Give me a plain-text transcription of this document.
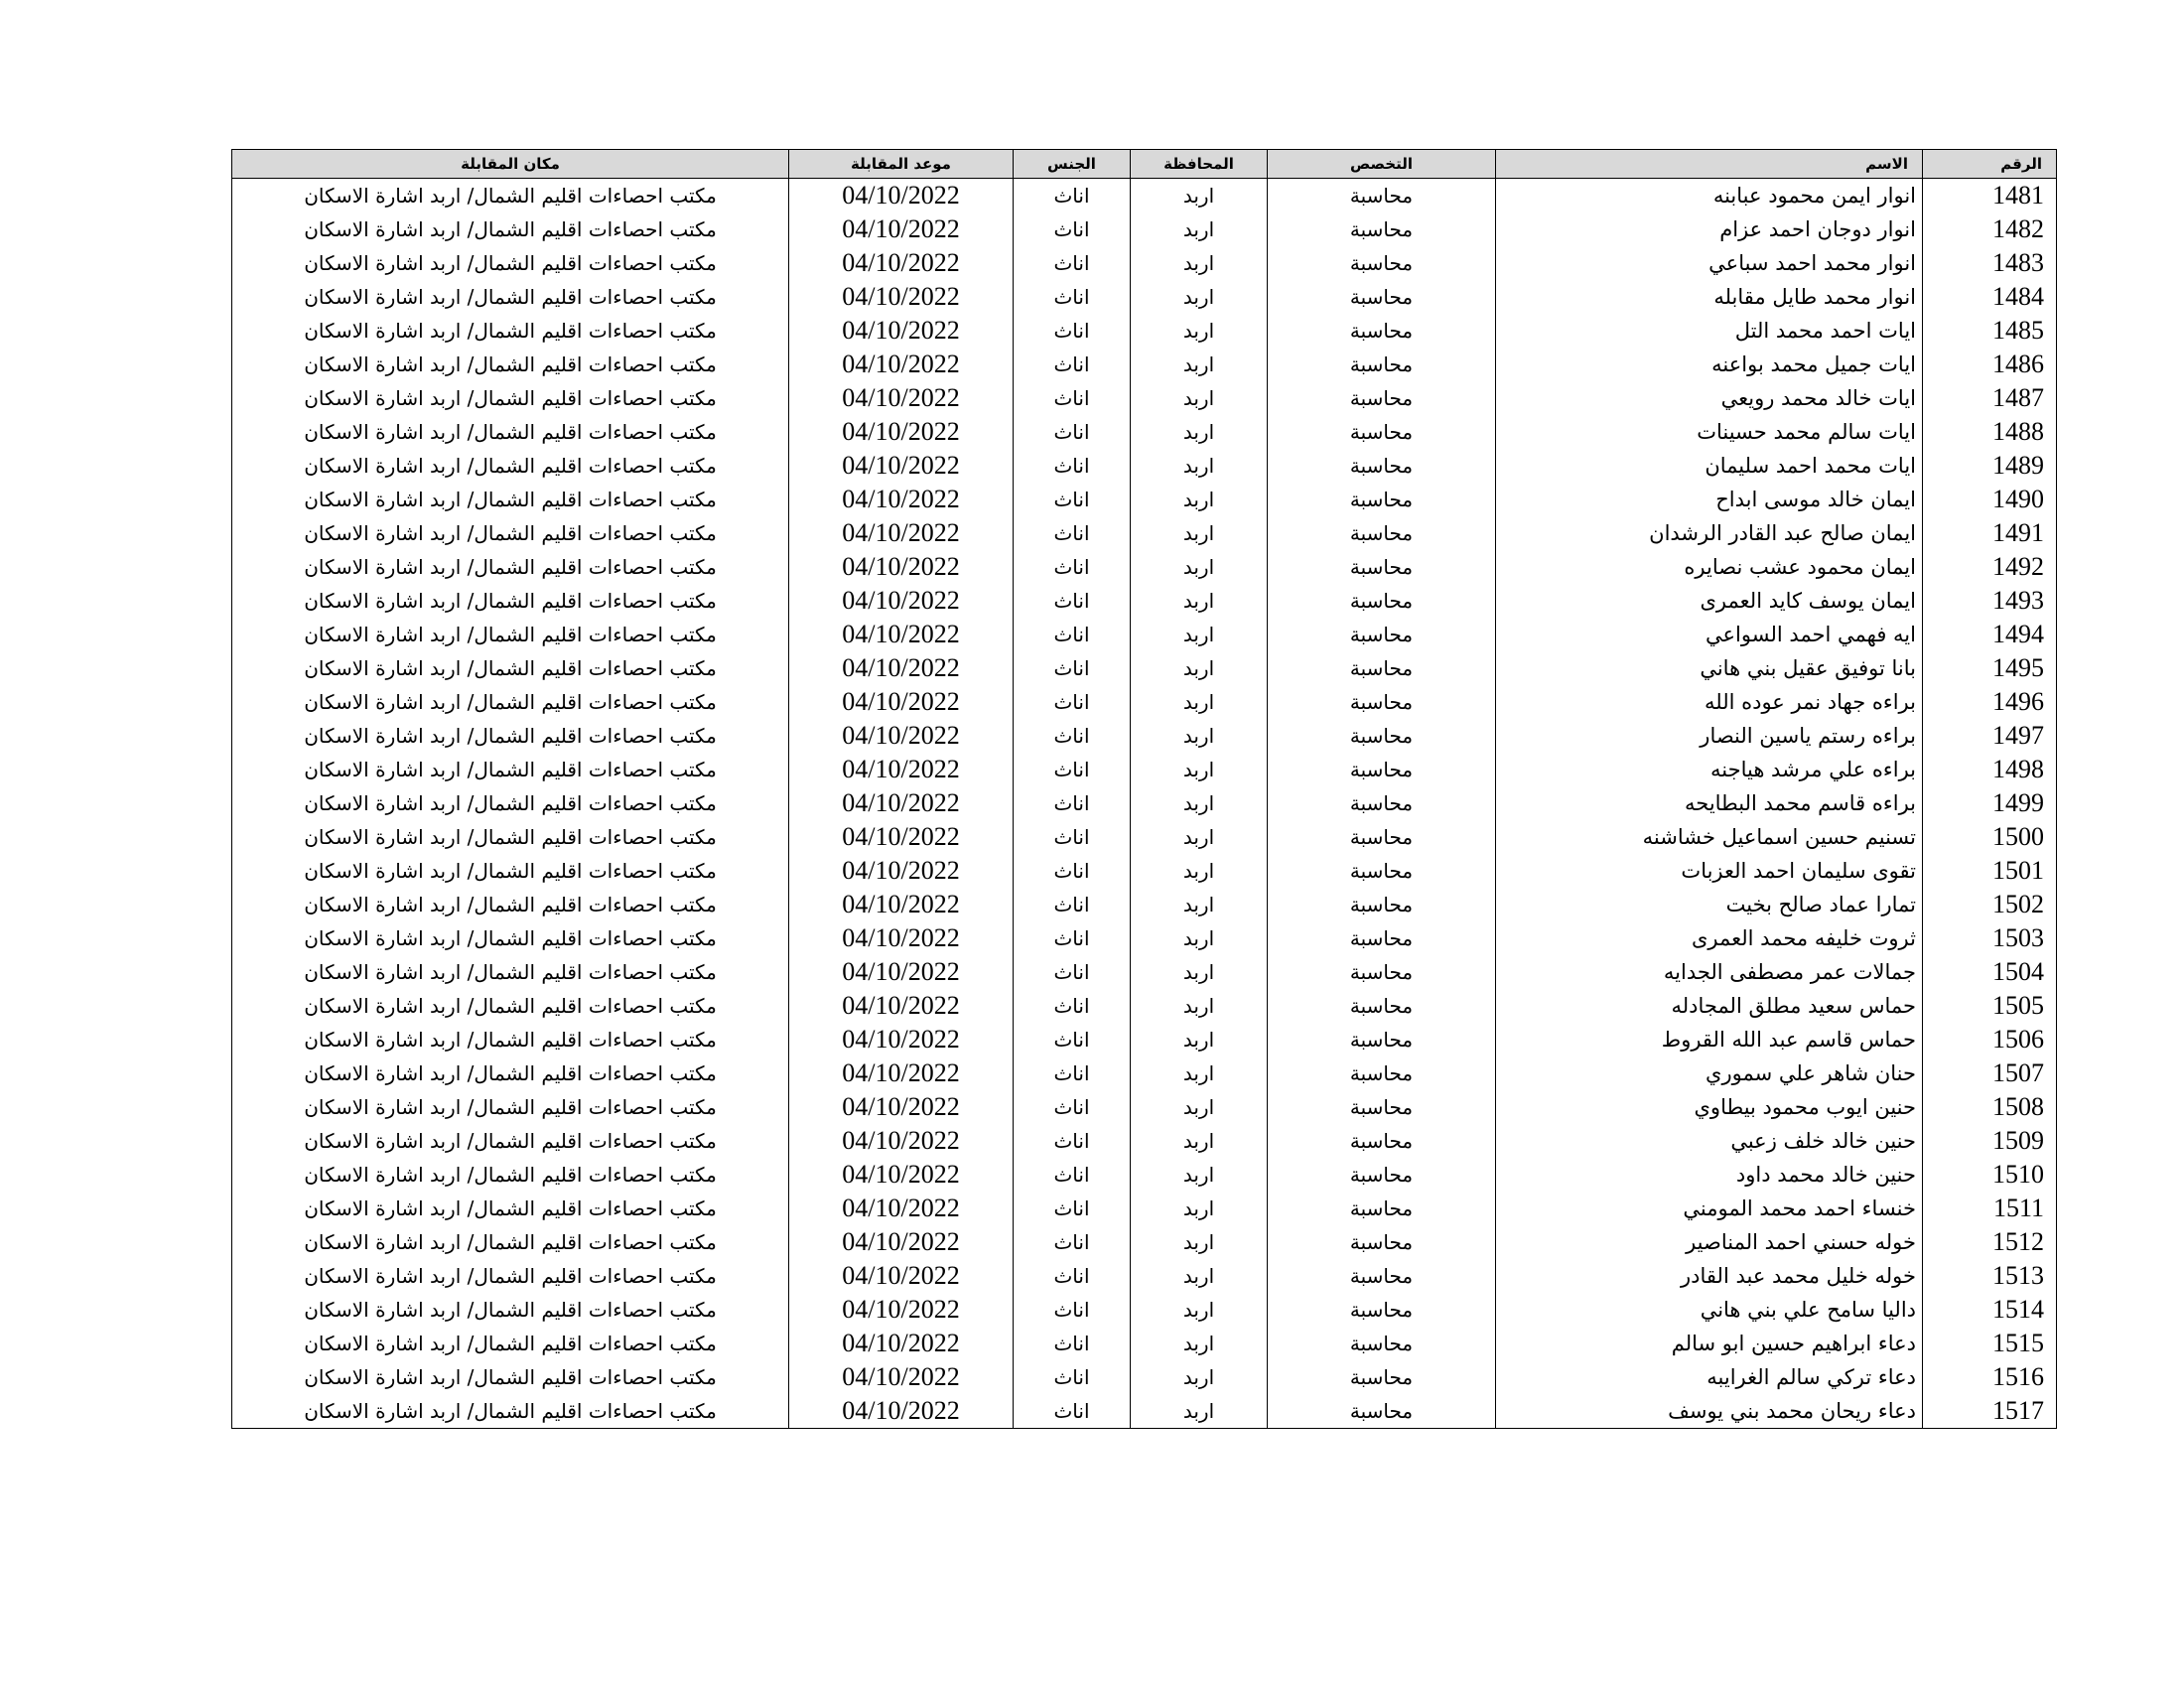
الرقم	الاسم	التخصص	المحافظة	الجنس	موعد المقابلة	مكان المقابلة
1481	انوار ايمن محمود عبابنه	محاسبة	اربد	اناث	04/10/2022	مكتب احصاءات اقليم الشمال/ اربد اشارة الاسكان
1482	انوار دوجان احمد عزام	محاسبة	اربد	اناث	04/10/2022	مكتب احصاءات اقليم الشمال/ اربد اشارة الاسكان
1483	انوار محمد احمد سباعي	محاسبة	اربد	اناث	04/10/2022	مكتب احصاءات اقليم الشمال/ اربد اشارة الاسكان
1484	انوار محمد طايل مقابله	محاسبة	اربد	اناث	04/10/2022	مكتب احصاءات اقليم الشمال/ اربد اشارة الاسكان
1485	ايات احمد محمد التل	محاسبة	اربد	اناث	04/10/2022	مكتب احصاءات اقليم الشمال/ اربد اشارة الاسكان
1486	ايات جميل محمد بواعنه	محاسبة	اربد	اناث	04/10/2022	مكتب احصاءات اقليم الشمال/ اربد اشارة الاسكان
1487	ايات خالد محمد رويعي	محاسبة	اربد	اناث	04/10/2022	مكتب احصاءات اقليم الشمال/ اربد اشارة الاسكان
1488	ايات سالم محمد حسينات	محاسبة	اربد	اناث	04/10/2022	مكتب احصاءات اقليم الشمال/ اربد اشارة الاسكان
1489	ايات محمد احمد سليمان	محاسبة	اربد	اناث	04/10/2022	مكتب احصاءات اقليم الشمال/ اربد اشارة الاسكان
1490	ايمان خالد موسى ابداح	محاسبة	اربد	اناث	04/10/2022	مكتب احصاءات اقليم الشمال/ اربد اشارة الاسكان
1491	ايمان صالح عبد القادر الرشدان	محاسبة	اربد	اناث	04/10/2022	مكتب احصاءات اقليم الشمال/ اربد اشارة الاسكان
1492	ايمان محمود عشب نصايره	محاسبة	اربد	اناث	04/10/2022	مكتب احصاءات اقليم الشمال/ اربد اشارة الاسكان
1493	ايمان يوسف كايد العمرى	محاسبة	اربد	اناث	04/10/2022	مكتب احصاءات اقليم الشمال/ اربد اشارة الاسكان
1494	ايه فهمي احمد السواعي	محاسبة	اربد	اناث	04/10/2022	مكتب احصاءات اقليم الشمال/ اربد اشارة الاسكان
1495	بانا توفيق عقيل بني هاني	محاسبة	اربد	اناث	04/10/2022	مكتب احصاءات اقليم الشمال/ اربد اشارة الاسكان
1496	براءه جهاد نمر عوده الله	محاسبة	اربد	اناث	04/10/2022	مكتب احصاءات اقليم الشمال/ اربد اشارة الاسكان
1497	براءه رستم ياسين النصار	محاسبة	اربد	اناث	04/10/2022	مكتب احصاءات اقليم الشمال/ اربد اشارة الاسكان
1498	براءه علي مرشد هياجنه	محاسبة	اربد	اناث	04/10/2022	مكتب احصاءات اقليم الشمال/ اربد اشارة الاسكان
1499	براءه قاسم محمد البطايحه	محاسبة	اربد	اناث	04/10/2022	مكتب احصاءات اقليم الشمال/ اربد اشارة الاسكان
1500	تسنيم حسين اسماعيل خشاشنه	محاسبة	اربد	اناث	04/10/2022	مكتب احصاءات اقليم الشمال/ اربد اشارة الاسكان
1501	تقوى سليمان احمد العزبات	محاسبة	اربد	اناث	04/10/2022	مكتب احصاءات اقليم الشمال/ اربد اشارة الاسكان
1502	تمارا عماد صالح بخيت	محاسبة	اربد	اناث	04/10/2022	مكتب احصاءات اقليم الشمال/ اربد اشارة الاسكان
1503	ثروت خليفه محمد العمرى	محاسبة	اربد	اناث	04/10/2022	مكتب احصاءات اقليم الشمال/ اربد اشارة الاسكان
1504	جمالات عمر مصطفى الجدايه	محاسبة	اربد	اناث	04/10/2022	مكتب احصاءات اقليم الشمال/ اربد اشارة الاسكان
1505	حماس سعيد مطلق المجادله	محاسبة	اربد	اناث	04/10/2022	مكتب احصاءات اقليم الشمال/ اربد اشارة الاسكان
1506	حماس قاسم عبد الله القروط	محاسبة	اربد	اناث	04/10/2022	مكتب احصاءات اقليم الشمال/ اربد اشارة الاسكان
1507	حنان شاهر علي سموري	محاسبة	اربد	اناث	04/10/2022	مكتب احصاءات اقليم الشمال/ اربد اشارة الاسكان
1508	حنين ايوب محمود بيطاوي	محاسبة	اربد	اناث	04/10/2022	مكتب احصاءات اقليم الشمال/ اربد اشارة الاسكان
1509	حنين خالد خلف زعبي	محاسبة	اربد	اناث	04/10/2022	مكتب احصاءات اقليم الشمال/ اربد اشارة الاسكان
1510	حنين خالد محمد داود	محاسبة	اربد	اناث	04/10/2022	مكتب احصاءات اقليم الشمال/ اربد اشارة الاسكان
1511	خنساء احمد محمد المومني	محاسبة	اربد	اناث	04/10/2022	مكتب احصاءات اقليم الشمال/ اربد اشارة الاسكان
1512	خوله حسني احمد المناصير	محاسبة	اربد	اناث	04/10/2022	مكتب احصاءات اقليم الشمال/ اربد اشارة الاسكان
1513	خوله خليل محمد عبد القادر	محاسبة	اربد	اناث	04/10/2022	مكتب احصاءات اقليم الشمال/ اربد اشارة الاسكان
1514	داليا سامح علي بني هاني	محاسبة	اربد	اناث	04/10/2022	مكتب احصاءات اقليم الشمال/ اربد اشارة الاسكان
1515	دعاء ابراهيم حسين ابو سالم	محاسبة	اربد	اناث	04/10/2022	مكتب احصاءات اقليم الشمال/ اربد اشارة الاسكان
1516	دعاء تركي سالم الغرايبه	محاسبة	اربد	اناث	04/10/2022	مكتب احصاءات اقليم الشمال/ اربد اشارة الاسكان
1517	دعاء ريحان محمد بني يوسف	محاسبة	اربد	اناث	04/10/2022	مكتب احصاءات اقليم الشمال/ اربد اشارة الاسكان
